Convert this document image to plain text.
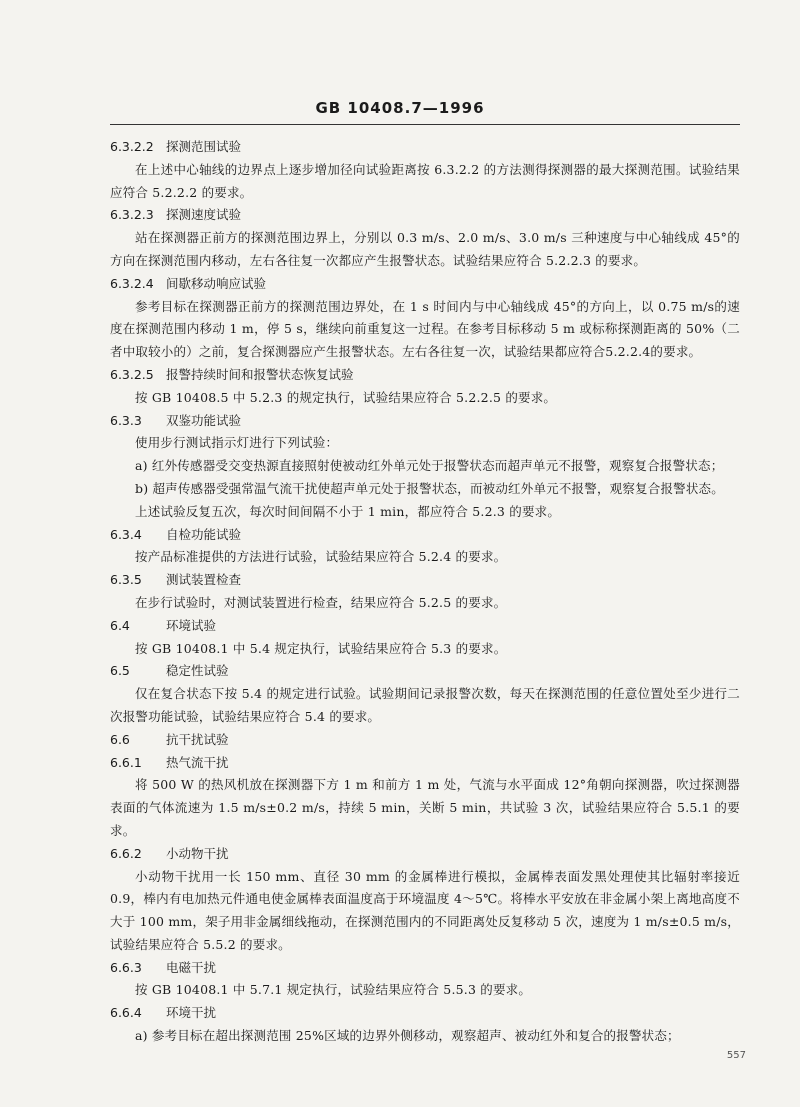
GB 10408.7—1996
6.3.2.2 探测范围试验
在上述中心轴线的边界点上逐步增加径向试验距离按 6.3.2.2 的方法测得探测器的最大探测范围。试验结果应符合 5.2.2.2 的要求。
6.3.2.3 探测速度试验
站在探测器正前方的探测范围边界上，分别以 0.3 m/s、2.0 m/s、3.0 m/s 三种速度与中心轴线成 45°的方向在探测范围内移动，左右各往复一次都应产生报警状态。试验结果应符合 5.2.2.3 的要求。
6.3.2.4 间歇移动响应试验
参考目标在探测器正前方的探测范围边界处，在 1 s 时间内与中心轴线成 45°的方向上，以 0.75 m/s的速度在探测范围内移动 1 m，停 5 s，继续向前重复这一过程。在参考目标移动 5 m 或标称探测距离的 50%（二者中取较小的）之前，复合探测器应产生报警状态。左右各往复一次，试验结果都应符合5.2.2.4的要求。
6.3.2.5 报警持续时间和报警状态恢复试验
按 GB 10408.5 中 5.2.3 的规定执行，试验结果应符合 5.2.2.5 的要求。
6.3.3 双鉴功能试验
使用步行测试指示灯进行下列试验：
a) 红外传感器受交变热源直接照射使被动红外单元处于报警状态而超声单元不报警，观察复合报警状态；
b) 超声传感器受强常温气流干扰使超声单元处于报警状态，而被动红外单元不报警，观察复合报警状态。
上述试验反复五次，每次时间间隔不小于 1 min，都应符合 5.2.3 的要求。
6.3.4 自检功能试验
按产品标准提供的方法进行试验，试验结果应符合 5.2.4 的要求。
6.3.5 测试装置检查
在步行试验时，对测试装置进行检查，结果应符合 5.2.5 的要求。
6.4	环境试验
按 GB 10408.1 中 5.4 规定执行，试验结果应符合 5.3 的要求。
6.5	稳定性试验
仅在复合状态下按 5.4 的规定进行试验。试验期间记录报警次数，每天在探测范围的任意位置处至少进行二次报警功能试验，试验结果应符合 5.4 的要求。
6.6	抗干扰试验
6.6.1 热气流干扰
将 500 W 的热风机放在探测器下方 1 m 和前方 1 m 处，气流与水平面成 12°角朝向探测器，吹过探测器表面的气体流速为 1.5 m/s±0.2 m/s，持续 5 min，关断 5 min，共试验 3 次，试验结果应符合 5.5.1 的要求。
6.6.2 小动物干扰
小动物干扰用一长 150 mm、直径 30 mm 的金属棒进行模拟，金属棒表面发黑处理使其比辐射率接近 0.9，棒内有电加热元件通电使金属棒表面温度高于环境温度 4～5℃。将棒水平安放在非金属小架上离地高度不大于 100 mm，架子用非金属细线拖动，在探测范围内的不同距离处反复移动 5 次，速度为 1 m/s±0.5 m/s，试验结果应符合 5.5.2 的要求。
6.6.3 电磁干扰
按 GB 10408.1 中 5.7.1 规定执行，试验结果应符合 5.5.3 的要求。
6.6.4 环境干扰
a) 参考目标在超出探测范围 25%区域的边界外侧移动，观察超声、被动红外和复合的报警状态；
557
